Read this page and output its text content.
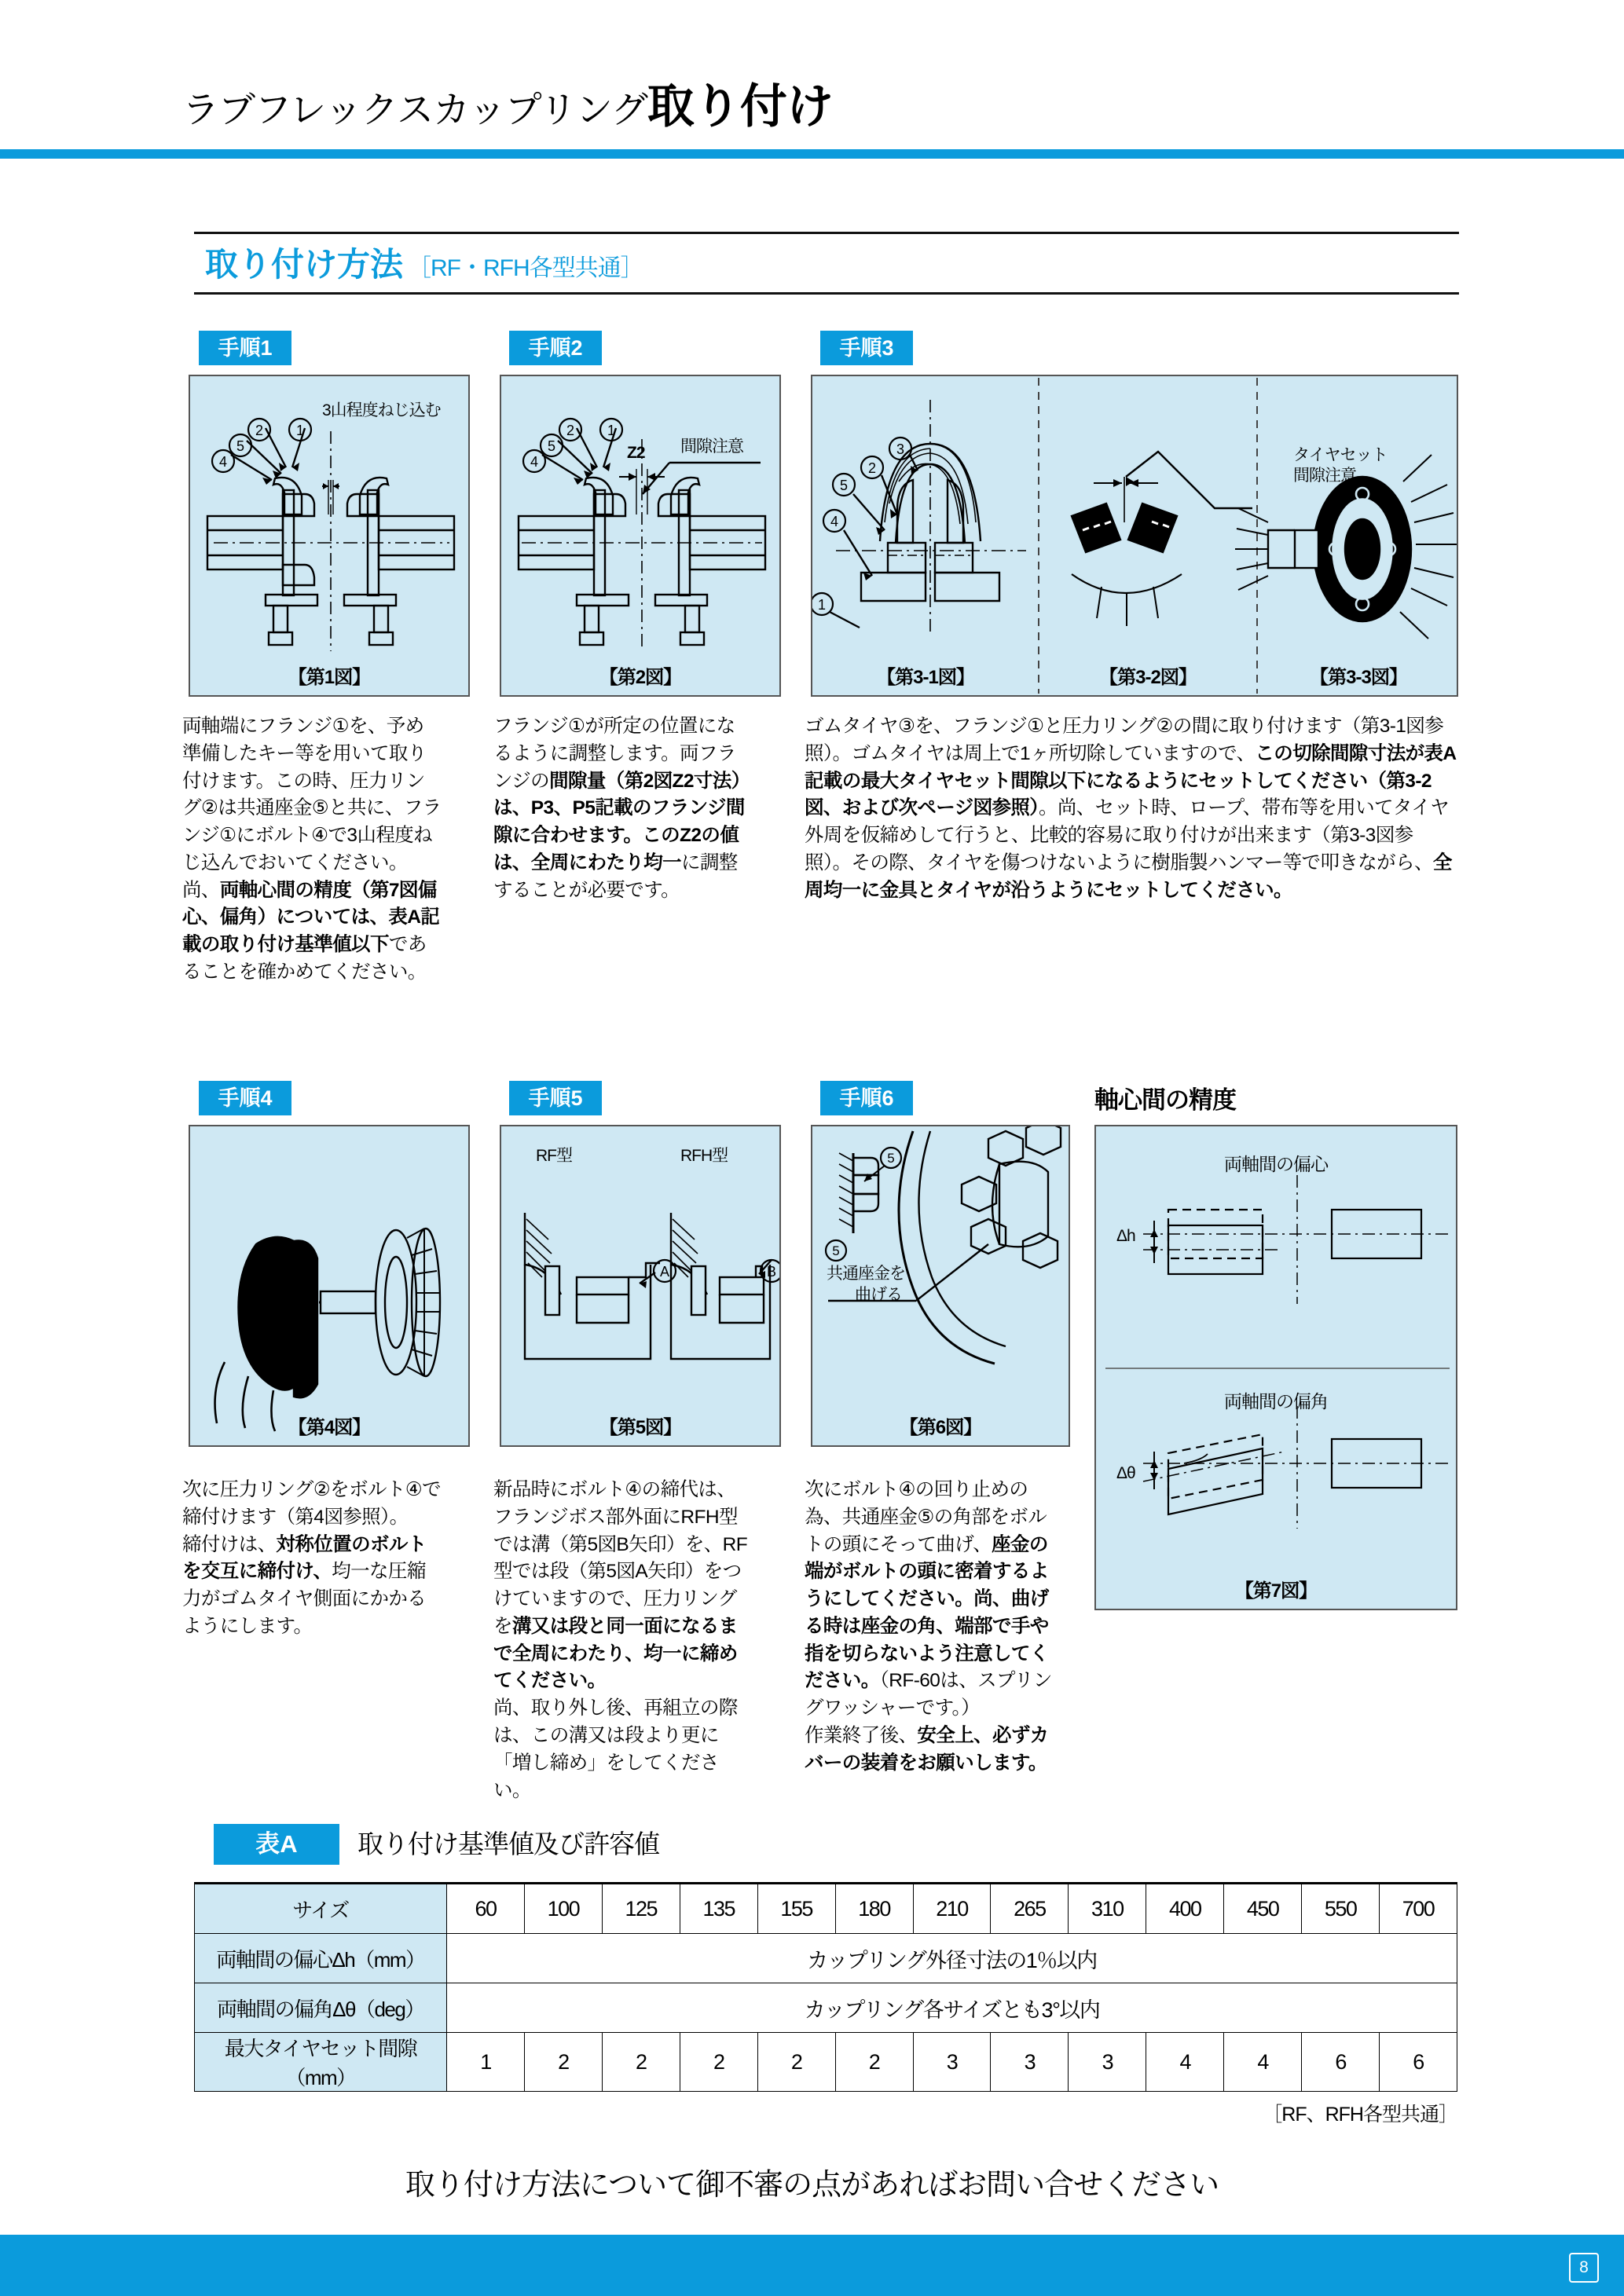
ラブフレックスカップリング取り付け
取り付け方法 ［RF・RFH各型共通］
手順1
4
5
2 1
3山程度ねじ込む
【第1図】
両軸端にフランジ①を、予め準備したキー等を用いて取り付けます。この時、圧力リング②は共通座金⑤と共に、フランジ①にボルト④で3山程度ねじ込んでおいてください。尚、両軸心間の精度（第7図偏心、偏角）については、表A記載の取り付け基準値以下であることを確かめてください。
手順2
4
5
2 1
Z2 間隙注意
【第2図】
フランジ①が所定の位置になるように調整します。両フランジの間隙量（第2図Z2寸法）は、P3、P5記載のフランジ間隙に合わせます。このZ2の値は、全周にわたり均一に調整することが必要です。
手順3
5
2
3
4
1
タイヤセット
間隙注意
【第3-1図】	【第3-2図】	【第3-3図】
ゴムタイヤ③を、フランジ①と圧力リング②の間に取り付けます（第3-1図参照）。ゴムタイヤは周上で1ヶ所切除していますので、この切除間隙寸法が表A記載の最大タイヤセット間隙以下になるようにセットしてください（第3-2図、および次ページ図参照）。尚、セット時、ロープ、帯布等を用いてタイヤ外周を仮締めして行うと、比較的容易に取り付けが出来ます（第3-3図参照）。その際、タイヤを傷つけないように樹脂製ハンマー等で叩きながら、全周均一に金具とタイヤが沿うようにセットしてください。
手順4
【第4図】
次に圧力リング②をボルト④で締付けます（第4図参照）。
締付けは、対称位置のボルトを交互に締付け、均一な圧縮力がゴムタイヤ側面にかかるようにします。
手順5
A	B
RF型	RFH型
【第5図】
新品時にボルト④の締代は、フランジボス部外面にRFH型では溝（第5図B矢印）を、RF型では段（第5図A矢印）をつけていますので、圧力リングを溝又は段と同一面になるまで全周にわたり、均一に締めてください。
尚、取り外し後、再組立の際は、この溝又は段より更に「増し締め」をしてください。
手順6
5
5
共通座金を
曲げる
【第6図】
次にボルト④の回り止めの為、共通座金⑤の角部をボルトの頭にそって曲げ、座金の端がボルトの頭に密着するようにしてください。尚、曲げる時は座金の角、端部で手や指を切らないよう注意してください。（RF-60は、スプリングワッシャーです。）
作業終了後、安全上、必ずカバーの装着をお願いします。
軸心間の精度
両軸間の偏心
両軸間の偏角
Δh
Δθ
【第7図】
表A	取り付け基準値及び許容値
サイズ	60	100	125	135	155	180	210	265	310	400	450	550	700
両軸間の偏心Δh（mm）	カップリング外径寸法の1％以内												
両軸間の偏角Δθ（deg）	カップリング各サイズとも3°以内												
最大タイヤセット間隙（mm）	1	2	2	2	2	2	3	3	3	4	4	6	6
［RF、RFH各型共通］
取り付け方法について御不審の点があればお問い合せください
8
